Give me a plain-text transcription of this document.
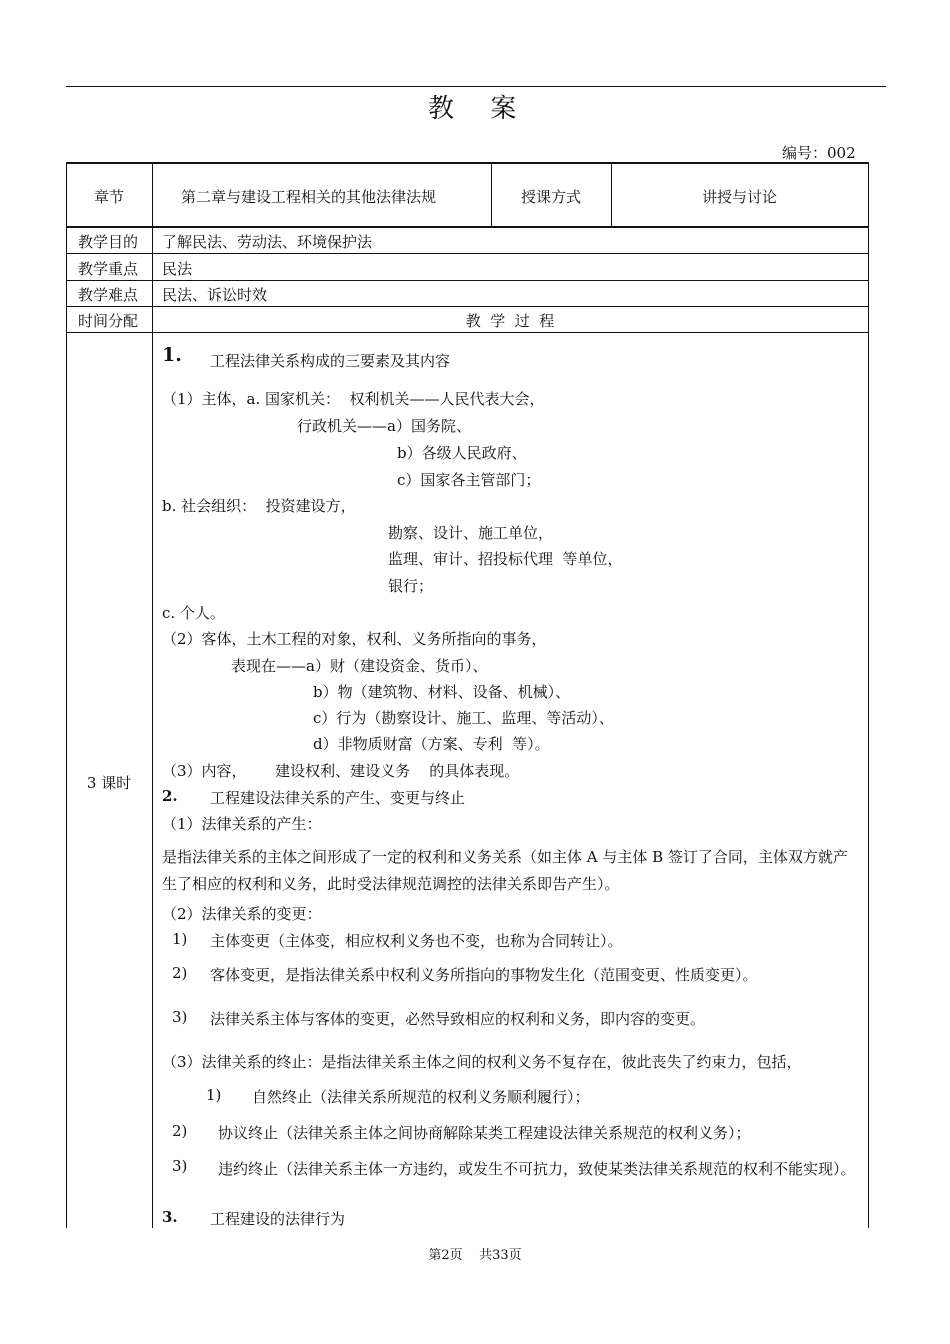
教 案
编号：002
章节	第二章与建设工程相关的其他法律法规	授课方式	讲授与讨论
教学目的 了解民法、劳动法、环境保护法
教学重点 民法
教学难点 民法、诉讼时效
时间分配	教  学  过  程
3 课时
1. 工程法律关系构成的三要素及其内容
（1）主体，a. 国家机关：  权利机关——人民代表大会，
行政机关——a）国务院、
b）各级人民政府、
c）国家各主管部门；
b. 社会组织：  投资建设方，
勘察、设计、施工单位，
监理、审计、招投标代理  等单位，
银行；
c. 个人。
（2）客体，土木工程的对象，权利、义务所指向的事务，
表现在——a）财（建设资金、货币）、
b）物（建筑物、材料、设备、机械）、
c）行为（勘察设计、施工、监理、等活动）、
d）非物质财富（方案、专利  等）。
（3）内容，      建设权利、建设义务    的具体表现。
2. 工程建设法律关系的产生、变更与终止
（1）法律关系的产生：
是指法律关系的主体之间形成了一定的权利和义务关系（如主体 A 与主体 B 签订了合同，主体双方就产生了相应的权利和义务，此时受法律规范调控的法律关系即告产生）。
（2）法律关系的变更：
1) 主体变更（主体变，相应权利义务也不变，也称为合同转让）。
2) 客体变更，是指法律关系中权利义务所指向的事物发生化（范围变更、性质变更）。
3) 法律关系主体与客体的变更，必然导致相应的权利和义务，即内容的变更。
（3）法律关系的终止：是指法律关系主体之间的权利义务不复存在，彼此丧失了约束力，包括，
1) 自然终止（法律关系所规范的权利义务顺利履行）；
2) 协议终止（法律关系主体之间协商解除某类工程建设法律关系规范的权利义务）；
3)	违约终止（法律关系主体一方违约，或发生不可抗力，致使某类法律关系规范的权利不能实现）。
3. 工程建设的法律行为
第2页    共33页
